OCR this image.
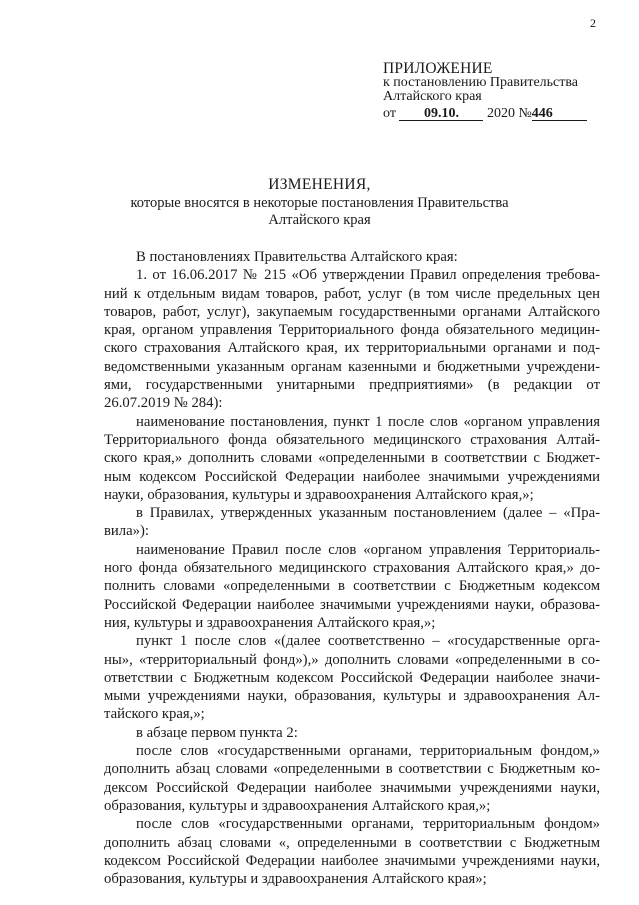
2
ПРИЛОЖЕНИЕ
к постановлению Правительства
Алтайского края
от 09.10. 2020 №446
ИЗМЕНЕНИЯ,
которые вносятся в некоторые постановления Правительства
Алтайского края
В постановлениях Правительства Алтайского края:
1. от 16.06.2017 № 215 «Об утверждении Правил определения требова-
ний к отдельным видам товаров, работ, услуг (в том числе предельных цен
товаров, работ, услуг), закупаемым государственными органами Алтайского
края, органом управления Территориального фонда обязательного медицин-
ского страхования Алтайского края, их территориальными органами и под-
ведомственными указанным органам казенными и бюджетными учреждени-
ями, государственными унитарными предприятиями» (в редакции от
26.07.2019 № 284):
наименование постановления, пункт 1 после слов «органом управления
Территориального фонда обязательного медицинского страхования Алтай-
ского края,» дополнить словами «определенными в соответствии с Бюджет-
ным кодексом Российской Федерации наиболее значимыми учреждениями
науки, образования, культуры и здравоохранения Алтайского края,»;
в Правилах, утвержденных указанным постановлением (далее – «Пра-
вила»):
наименование Правил после слов «органом управления Территориаль-
ного фонда обязательного медицинского страхования Алтайского края,» до-
полнить словами «определенными в соответствии с Бюджетным кодексом
Российской Федерации наиболее значимыми учреждениями науки, образова-
ния, культуры и здравоохранения Алтайского края,»;
пункт 1 после слов «(далее соответственно – «государственные орга-
ны», «территориальный фонд»),» дополнить словами «определенными в со-
ответствии с Бюджетным кодексом Российской Федерации наиболее значи-
мыми учреждениями науки, образования, культуры и здравоохранения Ал-
тайского края,»;
в абзаце первом пункта 2:
после слов «государственными органами, территориальным фондом,»
дополнить абзац словами «определенными в соответствии с Бюджетным ко-
дексом Российской Федерации наиболее значимыми учреждениями науки,
образования, культуры и здравоохранения Алтайского края,»;
после слов «государственными органами, территориальным фондом»
дополнить абзац словами «, определенными в соответствии с Бюджетным
кодексом Российской Федерации наиболее значимыми учреждениями науки,
образования, культуры и здравоохранения Алтайского края»;
